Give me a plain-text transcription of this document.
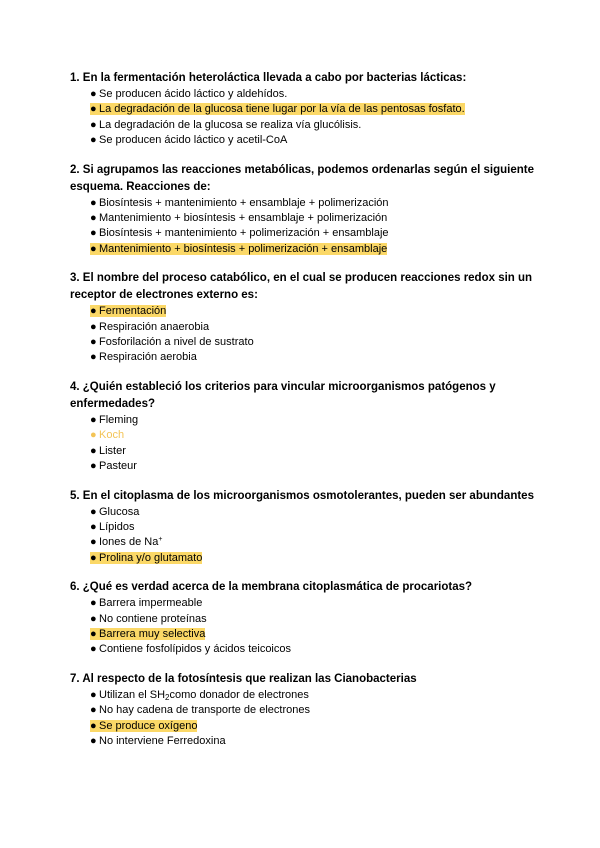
1. En la fermentación heteroláctica llevada a cabo por bacterias lácticas:

● Se producen ácido láctico y aldehídos.
● La degradación de la glucosa tiene lugar por la vía de las pentosas fosfato.
● La degradación de la glucosa se realiza vía glucólisis.
● Se producen ácido láctico y acetil-CoA

2. Si agrupamos las reacciones metabólicas, podemos ordenarlas según el siguiente esquema. Reacciones de:

● Biosíntesis + mantenimiento + ensamblaje + polimerización
● Mantenimiento + biosíntesis + ensamblaje + polimerización
● Biosíntesis + mantenimiento + polimerización + ensamblaje
● Mantenimiento + biosíntesis + polimerización + ensamblaje

3. El nombre del proceso catabólico, en el cual se producen reacciones redox sin un receptor de electrones externo es:

● Fermentación
● Respiración anaerobia
● Fosforilación a nivel de sustrato
● Respiración aerobia

4. ¿Quién estableció los criterios para vincular microorganismos patógenos y enfermedades?

● Fleming
● Koch
● Lister
● Pasteur

5. En el citoplasma de los microorganismos osmotolerantes, pueden ser abundantes

● Glucosa
● Lípidos
● Iones de Na+
● Prolina y/o glutamato

6. ¿Qué es verdad acerca de la membrana citoplasmática de procariotas?

● Barrera impermeable
● No contiene proteínas
● Barrera muy selectiva
● Contiene fosfolípidos y ácidos teicoicos

7. Al respecto de la fotosíntesis que realizan las Cianobacterias

● Utilizan el $SH_2como$ donador de electrones
● No hay cadena de transporte de electrones
● Se produce oxígeno
● No interviene Ferredoxina
